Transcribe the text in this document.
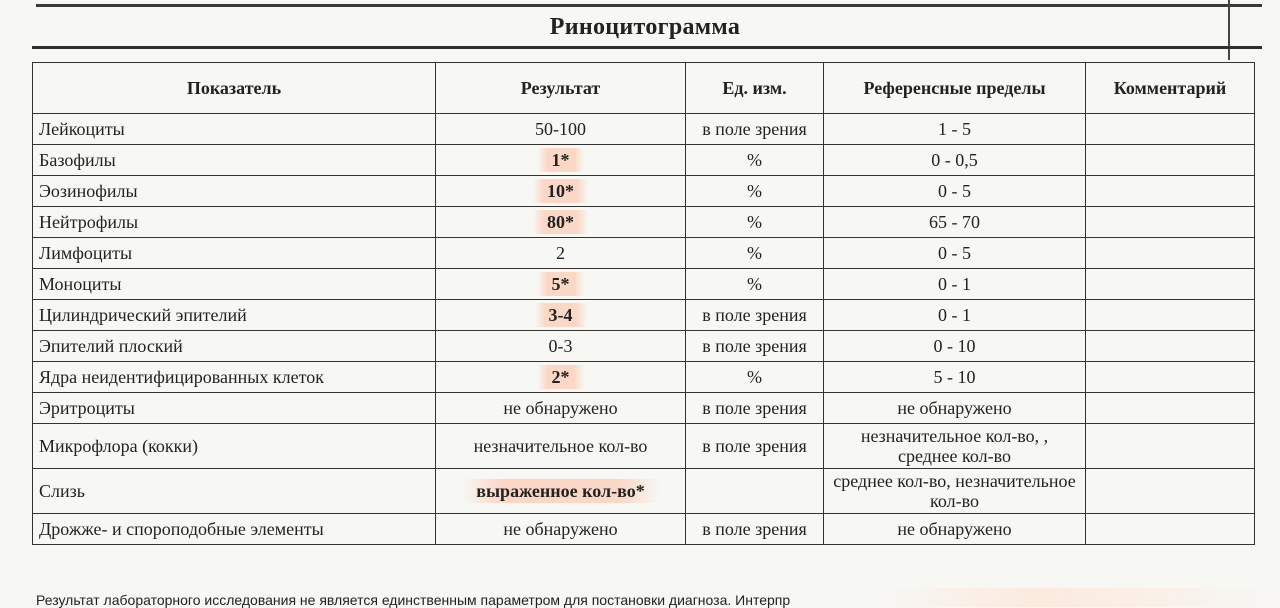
Риноцитограмма
Показатель	Результат	Ед. изм.	Референсные пределы	Комментарий
Лейкоциты	50-100	в поле зрения	1 - 5	
Базофилы	1*	%	0 - 0,5	
Эозинофилы	10*	%	0 - 5	
Нейтрофилы	80*	%	65 - 70	
Лимфоциты	2	%	0 - 5	
Моноциты	5*	%	0 - 1	
Цилиндрический эпителий	3-4	в поле зрения	0 - 1	
Эпителий плоский	0-3	в поле зрения	0 - 10	
Ядра неидентифицированных клеток	2*	%	5 - 10	
Эритроциты	не обнаружено	в поле зрения	не обнаружено	
Микрофлора (кокки)	незначительное кол-во	в поле зрения	незначительное кол-во, , среднее кол-во	
Слизь	выраженное кол-во*		среднее кол-во, незначительное кол-во	
Дрожже- и спороподобные элементы	не обнаружено	в поле зрения	не обнаружено	
Результат лабораторного исследования не является единственным параметром для постановки диагноза. Интерпр
